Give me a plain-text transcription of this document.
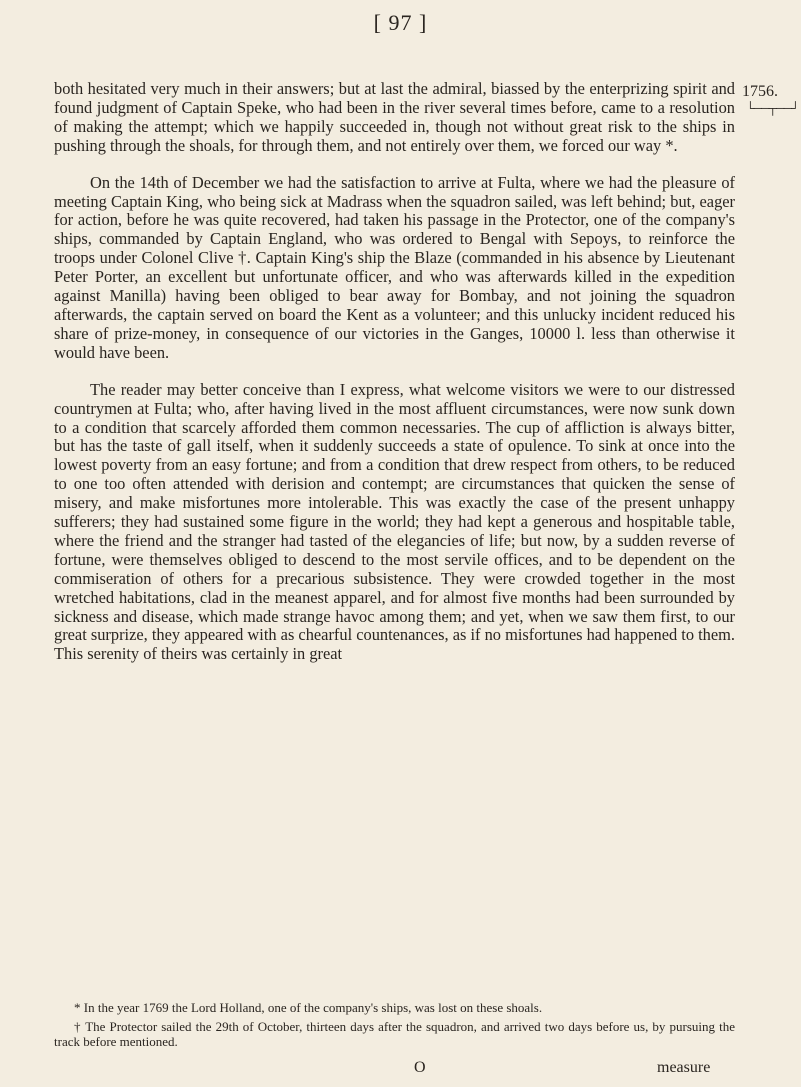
[ 97 ]
1756.
└──┬──┘

both hesitated very much in their answers; but at last the admiral, biassed by the enterprizing spirit and found judgment of Captain Speke, who had been in the river several times before, came to a resolution of making the attempt; which we happily succeeded in, though not without great risk to the ships in pushing through the shoals, for through them, and not entirely over them, we forced our way *.

On the 14th of December we had the satisfaction to arrive at Fulta, where we had the pleasure of meeting Captain King, who being sick at Madrass when the squadron sailed, was left behind; but, eager for action, before he was quite recovered, had taken his passage in the Protector, one of the company's ships, commanded by Captain England, who was ordered to Bengal with Sepoys, to reinforce the troops under Colonel Clive †. Captain King's ship the Blaze (commanded in his absence by Lieutenant Peter Porter, an excellent but unfortunate officer, and who was afterwards killed in the expedition against Manilla) having been obliged to bear away for Bombay, and not joining the squadron afterwards, the captain served on board the Kent as a volunteer; and this unlucky incident reduced his share of prize-money, in consequence of our victories in the Ganges, 10000 l. less than otherwise it would have been.

The reader may better conceive than I express, what welcome visitors we were to our distressed countrymen at Fulta; who, after having lived in the most affluent circumstances, were now sunk down to a condition that scarcely afforded them common necessaries. The cup of affliction is always bitter, but has the taste of gall itself, when it suddenly succeeds a state of opulence. To sink at once into the lowest poverty from an easy fortune; and from a condition that drew respect from others, to be reduced to one too often attended with derision and contempt; are circumstances that quicken the sense of misery, and make misfortunes more intolerable. This was exactly the case of the present unhappy sufferers; they had sustained some figure in the world; they had kept a generous and hospitable table, where the friend and the stranger had tasted of the elegancies of life; but now, by a sudden reverse of fortune, were themselves obliged to descend to the most servile offices, and to be dependent on the commiseration of others for a precarious subsistence. They were crowded together in the most wretched habitations, clad in the meanest apparel, and for almost five months had been surrounded by sickness and disease, which made strange havoc among them; and yet, when we saw them first, to our great surprize, they appeared with as chearful countenances, as if no misfortunes had happened to them. This serenity of theirs was certainly in great

* In the year 1769 the Lord Holland, one of the company's ships, was lost on these shoals.

† The Protector sailed the 29th of October, thirteen days after the squadron, and arrived two days before us, by pursuing the track before mentioned.

O	measure
